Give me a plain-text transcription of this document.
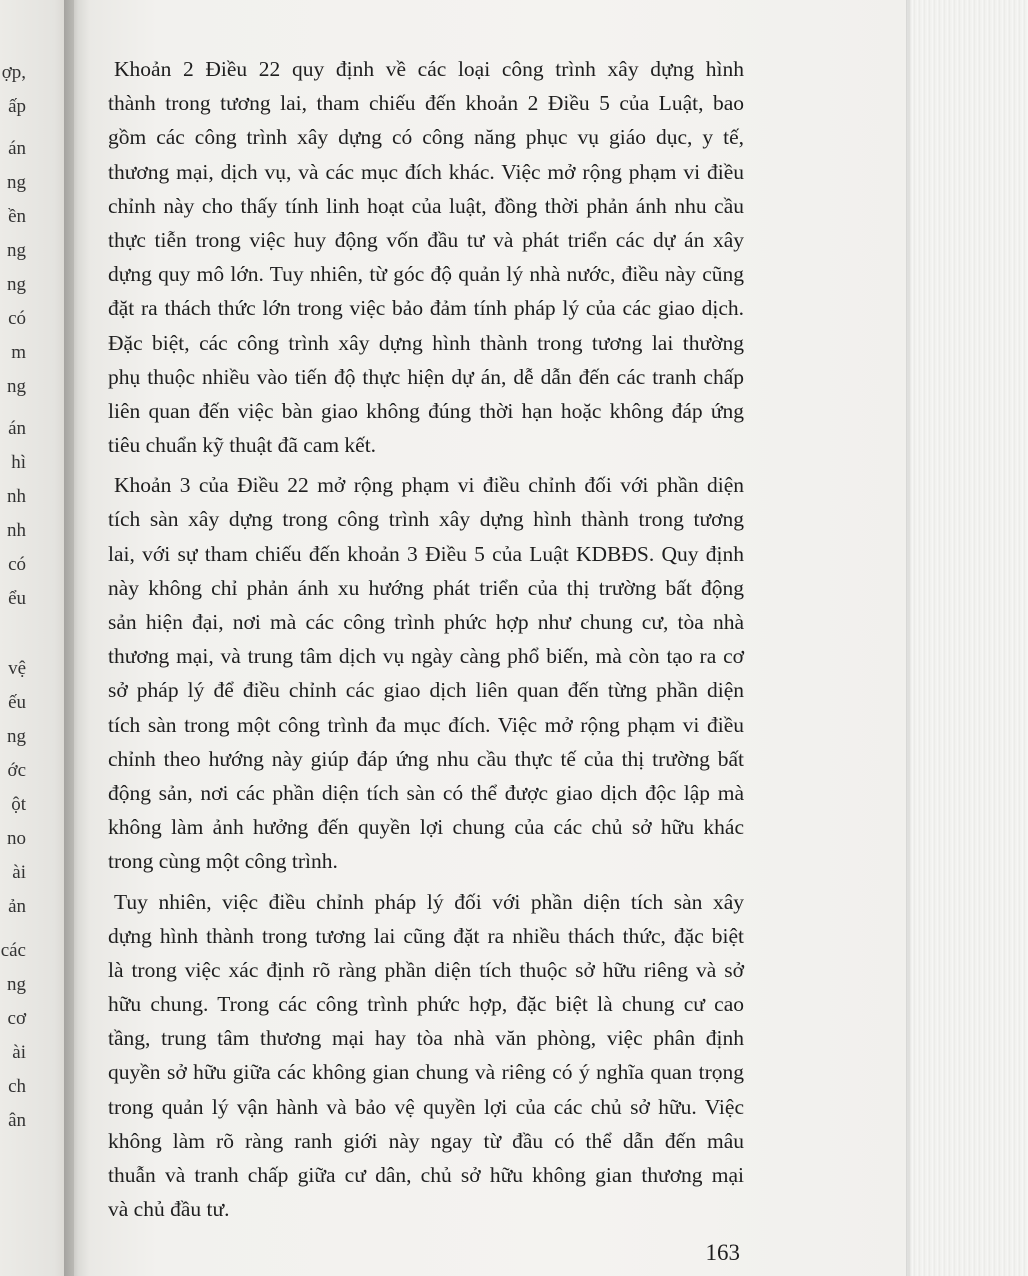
ợp,
ấp
án
ng
ền
ng
ng
có
m
ng
án
hì
nh
nh
có
ểu
vệ
ếu
ng
ớc
ột
no
ài
ản
các
ng
cơ
ài
ch
ân
Khoản 2 Điều 22 quy định về các loại công trình xây dựng hình
thành trong tương lai, tham chiếu đến khoản 2 Điều 5 của Luật, bao
gồm các công trình xây dựng có công năng phục vụ giáo dục, y tế,
thương mại, dịch vụ, và các mục đích khác. Việc mở rộng phạm vi điều
chỉnh này cho thấy tính linh hoạt của luật, đồng thời phản ánh nhu cầu
thực tiễn trong việc huy động vốn đầu tư và phát triển các dự án xây
dựng quy mô lớn. Tuy nhiên, từ góc độ quản lý nhà nước, điều này cũng
đặt ra thách thức lớn trong việc bảo đảm tính pháp lý của các giao dịch.
Đặc biệt, các công trình xây dựng hình thành trong tương lai thường
phụ thuộc nhiều vào tiến độ thực hiện dự án, dễ dẫn đến các tranh chấp
liên quan đến việc bàn giao không đúng thời hạn hoặc không đáp ứng
tiêu chuẩn kỹ thuật đã cam kết.
Khoản 3 của Điều 22 mở rộng phạm vi điều chỉnh đối với phần diện
tích sàn xây dựng trong công trình xây dựng hình thành trong tương
lai, với sự tham chiếu đến khoản 3 Điều 5 của Luật KDBĐS. Quy định
này không chỉ phản ánh xu hướng phát triển của thị trường bất động
sản hiện đại, nơi mà các công trình phức hợp như chung cư, tòa nhà
thương mại, và trung tâm dịch vụ ngày càng phổ biến, mà còn tạo ra cơ
sở pháp lý để điều chỉnh các giao dịch liên quan đến từng phần diện
tích sàn trong một công trình đa mục đích. Việc mở rộng phạm vi điều
chỉnh theo hướng này giúp đáp ứng nhu cầu thực tế của thị trường bất
động sản, nơi các phần diện tích sàn có thể được giao dịch độc lập mà
không làm ảnh hưởng đến quyền lợi chung của các chủ sở hữu khác
trong cùng một công trình.
Tuy nhiên, việc điều chỉnh pháp lý đối với phần diện tích sàn xây
dựng hình thành trong tương lai cũng đặt ra nhiều thách thức, đặc biệt
là trong việc xác định rõ ràng phần diện tích thuộc sở hữu riêng và sở
hữu chung. Trong các công trình phức hợp, đặc biệt là chung cư cao
tầng, trung tâm thương mại hay tòa nhà văn phòng, việc phân định
quyền sở hữu giữa các không gian chung và riêng có ý nghĩa quan trọng
trong quản lý vận hành và bảo vệ quyền lợi của các chủ sở hữu. Việc
không làm rõ ràng ranh giới này ngay từ đầu có thể dẫn đến mâu
thuẫn và tranh chấp giữa cư dân, chủ sở hữu không gian thương mại
và chủ đầu tư.
163
